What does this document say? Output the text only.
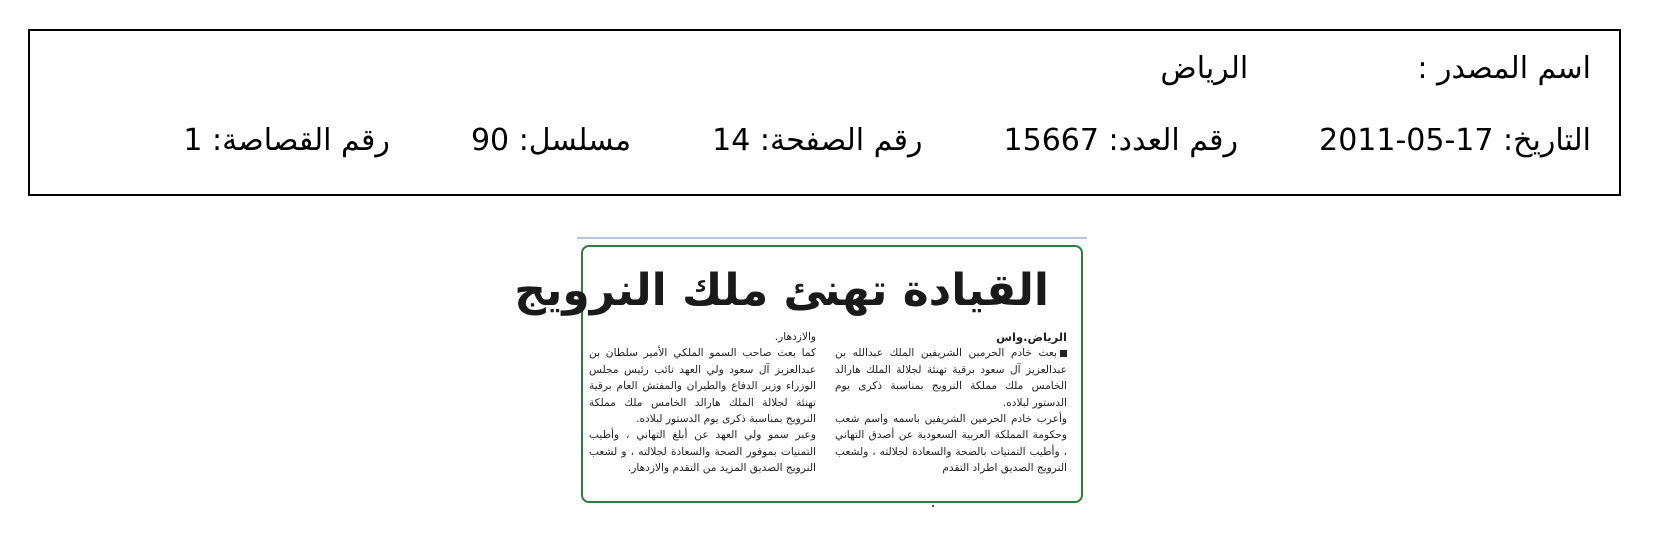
اسم المصدر :  الرياض
التاريخ: 2011-05-17  رقم العدد: 15667  رقم الصفحة: 14  مسلسل: 90  رقم القصاصة: 1
القيادة تهنئ ملك النرويج

الرياض.واس

بعث خادم الحرمين الشريفين الملك عبدالله بن عبدالعزيز آل سعود برقية تهنئة لجلالة الملك هارالد الخامس ملك مملكة النرويج بمناسبة ذكرى يوم الدستور لبلاده.

وأعرب خادم الحرمين الشريفين باسمه واسم شعب وحكومة المملكة العربية السعودية عن أصدق التهاني ، وأطيب التمنيات بالصحة والسعادة لجلالته ، ولشعب النرويج الصديق اطراد التقدم

والازدهار.

كما بعث صاحب السمو الملكي الأمير سلطان بن عبدالعزيز آل سعود ولي العهد نائب رئيس مجلس الوزراء وزير الدفاع والطيران والمفتش العام برقية تهنئة لجلالة الملك هارالد الخامس ملك مملكة النرويج بمناسبة ذكرى يوم الدستور لبلاده.

وعبر سمو ولي العهد عن أبلغ التهاني ، وأطيب التمنيات بموفور الصحة والسعادة لجلالته ، و لشعب النرويج الصديق المزيد من التقدم والازدهار.
